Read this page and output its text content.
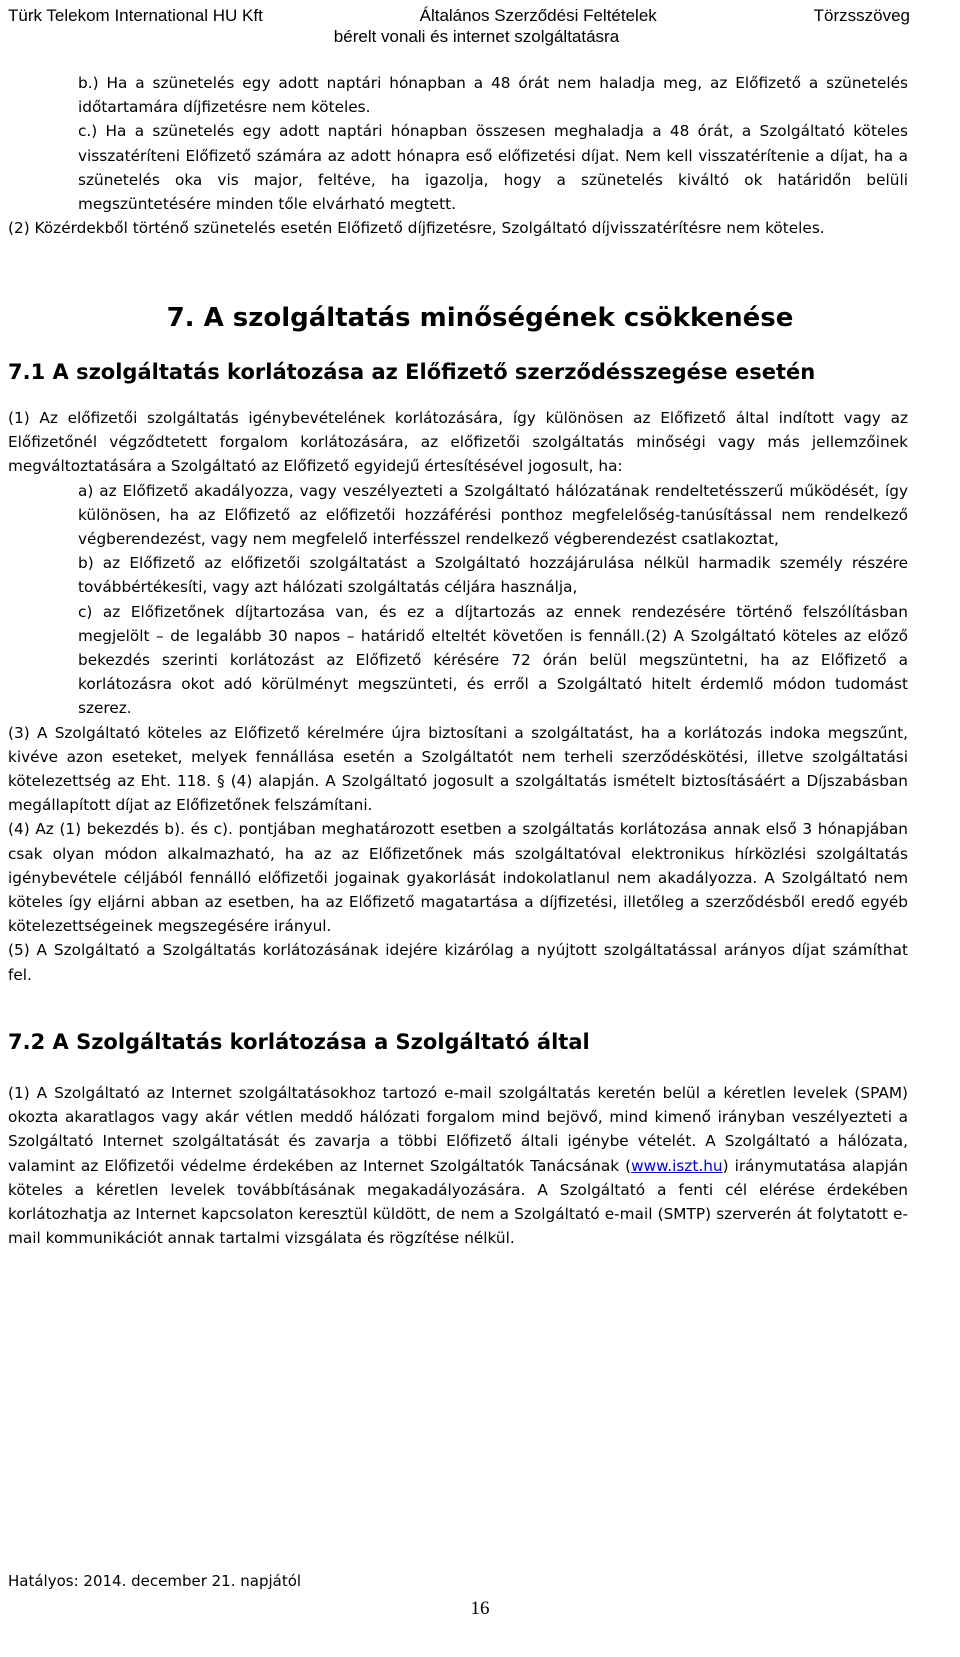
Türk Telekom International HU Kft	Általános Szerződési Feltételek	Törzsszöveg
bérelt vonali és internet szolgáltatásra

b.) Ha a szünetelés egy adott naptári hónapban a 48 órát nem haladja meg, az Előfizető a szünetelés időtartamára díjfizetésre nem köteles.

c.) Ha a szünetelés egy adott naptári hónapban összesen meghaladja a 48 órát, a Szolgáltató köteles visszatéríteni Előfizető számára az adott hónapra eső előfizetési díjat. Nem kell visszatérítenie a díjat, ha a szünetelés oka vis major, feltéve, ha igazolja, hogy a szünetelés kiváltó ok határidőn belüli megszüntetésére minden tőle elvárható megtett.

(2) Közérdekből történő szünetelés esetén Előfizető díjfizetésre, Szolgáltató díjvisszatérítésre nem köteles.

7. A szolgáltatás minőségének csökkenése
7.1 A szolgáltatás korlátozása az Előfizető szerződésszegése esetén

(1) Az előfizetői szolgáltatás igénybevételének korlátozására, így különösen az Előfizető által indított vagy az Előfizetőnél végződtetett forgalom korlátozására, az előfizetői szolgáltatás minőségi vagy más jellemzőinek megváltoztatására a Szolgáltató az Előfizető egyidejű értesítésével jogosult, ha:

a) az Előfizető akadályozza, vagy veszélyezteti a Szolgáltató hálózatának rendeltetésszerű működését, így különösen, ha az Előfizető az előfizetői hozzáférési ponthoz megfelelőség-tanúsítással nem rendelkező végberendezést, vagy nem megfelelő interfésszel rendelkező végberendezést csatlakoztat,

b) az Előfizető az előfizetői szolgáltatást a Szolgáltató hozzájárulása nélkül harmadik személy részére továbbértékesíti, vagy azt hálózati szolgáltatás céljára használja,

c) az Előfizetőnek díjtartozása van, és ez a díjtartozás az ennek rendezésére történő felszólításban megjelölt – de legalább 30 napos – határidő elteltét követően is fennáll.(2) A Szolgáltató köteles az előző bekezdés szerinti korlátozást az Előfizető kérésére 72 órán belül megszüntetni, ha az Előfizető a korlátozásra okot adó körülményt megszünteti, és erről a Szolgáltató hitelt érdemlő módon tudomást szerez.

(3) A Szolgáltató köteles az Előfizető kérelmére újra biztosítani a szolgáltatást, ha a korlátozás indoka megszűnt, kivéve azon eseteket, melyek fennállása esetén a Szolgáltatót nem terheli szerződéskötési, illetve szolgáltatási kötelezettség az Eht. 118. § (4) alapján. A Szolgáltató jogosult a szolgáltatás ismételt biztosításáért a Díjszabásban megállapított díjat az Előfizetőnek felszámítani.

(4) Az (1) bekezdés b). és c). pontjában meghatározott esetben a szolgáltatás korlátozása annak első 3 hónapjában csak olyan módon alkalmazható, ha az az Előfizetőnek más szolgáltatóval elektronikus hírközlési szolgáltatás igénybevétele céljából fennálló előfizetői jogainak gyakorlását indokolatlanul nem akadályozza. A Szolgáltató nem köteles így eljárni abban az esetben, ha az Előfizető magatartása a díjfizetési, illetőleg a szerződésből eredő egyéb kötelezettségeinek megszegésére irányul.

(5) A Szolgáltató a Szolgáltatás korlátozásának idejére kizárólag a nyújtott szolgáltatással arányos díjat számíthat fel.

7.2 A Szolgáltatás korlátozása a Szolgáltató által

(1) A Szolgáltató az Internet szolgáltatásokhoz tartozó e-mail szolgáltatás keretén belül a kéretlen levelek (SPAM) okozta akaratlagos vagy akár vétlen meddő hálózati forgalom mind bejövő, mind kimenő irányban veszélyezteti a Szolgáltató Internet szolgáltatását és zavarja a többi Előfizető általi igénybe vételét. A Szolgáltató a hálózata, valamint az Előfizetői védelme érdekében az Internet Szolgáltatók Tanácsának (www.iszt.hu) iránymutatása alapján köteles a kéretlen levelek továbbításának megakadályozására. A Szolgáltató a fenti cél elérése érdekében korlátozhatja az Internet kapcsolaton keresztül küldött, de nem a Szolgáltató e-mail (SMTP) szerverén át folytatott e-mail kommunikációt annak tartalmi vizsgálata és rögzítése nélkül.

Hatályos: 2014. december 21. napjától
16
